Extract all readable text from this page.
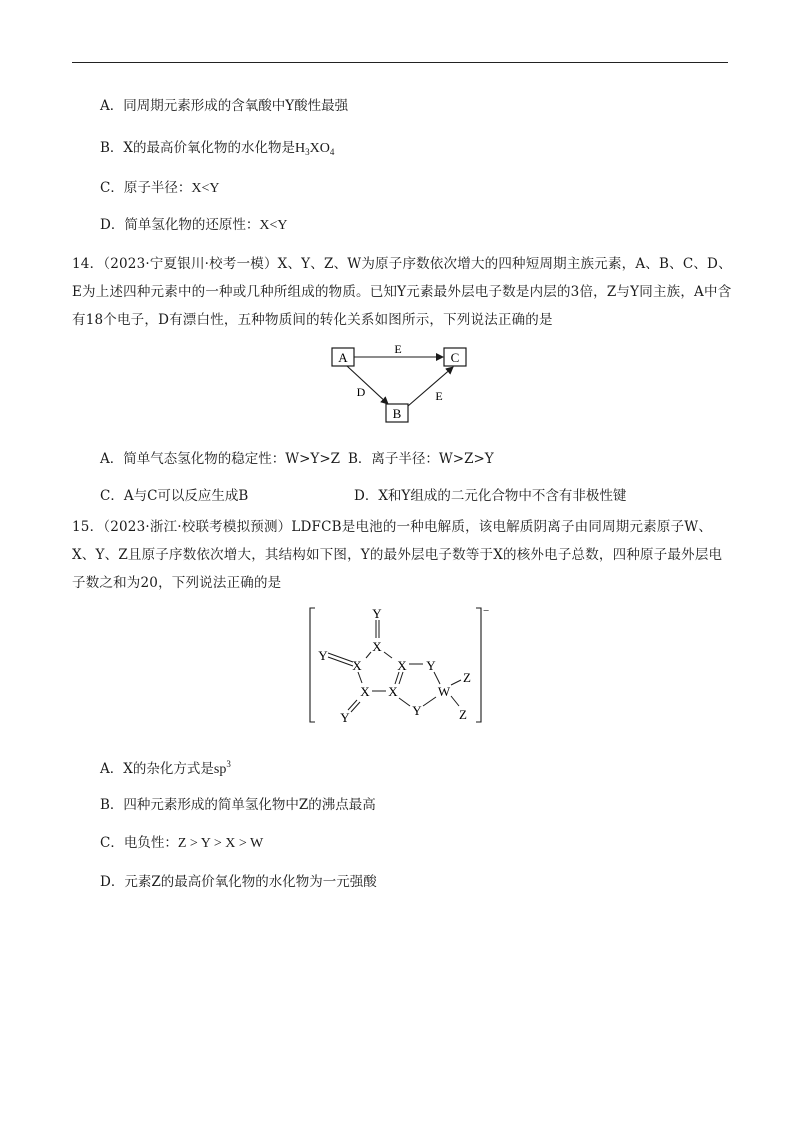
A．同周期元素形成的含氧酸中Y酸性最强
B．X的最高价氧化物的水化物是$H_3XO_4$
C．原子半径：X<Y
D．简单氢化物的还原性：X<Y
14．（2023·宁夏银川·校考一模）X、Y、Z、W为原子序数依次增大的四种短周期主族元素，A、B、C、D、E为上述四种元素中的一种或几种所组成的物质。已知Y元素最外层电子数是内层的3倍，Z与Y同主族，A中含有18个电子，D有漂白性，五种物质间的转化关系如图所示，下列说法正确的是
A	C
B
E
D	E
A．简单气态氢化物的稳定性：W>Y>Z B．离子半径：W>Z>Y
C．A与C可以反应生成B	D．X和Y组成的二元化合物中不含有非极性键
15．（2023·浙江·校联考模拟预测）LDFCB是电池的一种电解质，该电解质阴离子由同周期元素原子W、X、Y、Z且原子序数依次增大，其结构如下图，Y的最外层电子数等于X的核外电子总数，四种原子最外层电子数之和为20，下列说法正确的是
−
Y
X
Y
X	X Y
X X	W
Z
Z
Y
Y
A．X的杂化方式是$sp^3$
B．四种元素形成的简单氢化物中Z的沸点最高
C．电负性：Z > Y > X > W
D．元素Z的最高价氧化物的水化物为一元强酸
